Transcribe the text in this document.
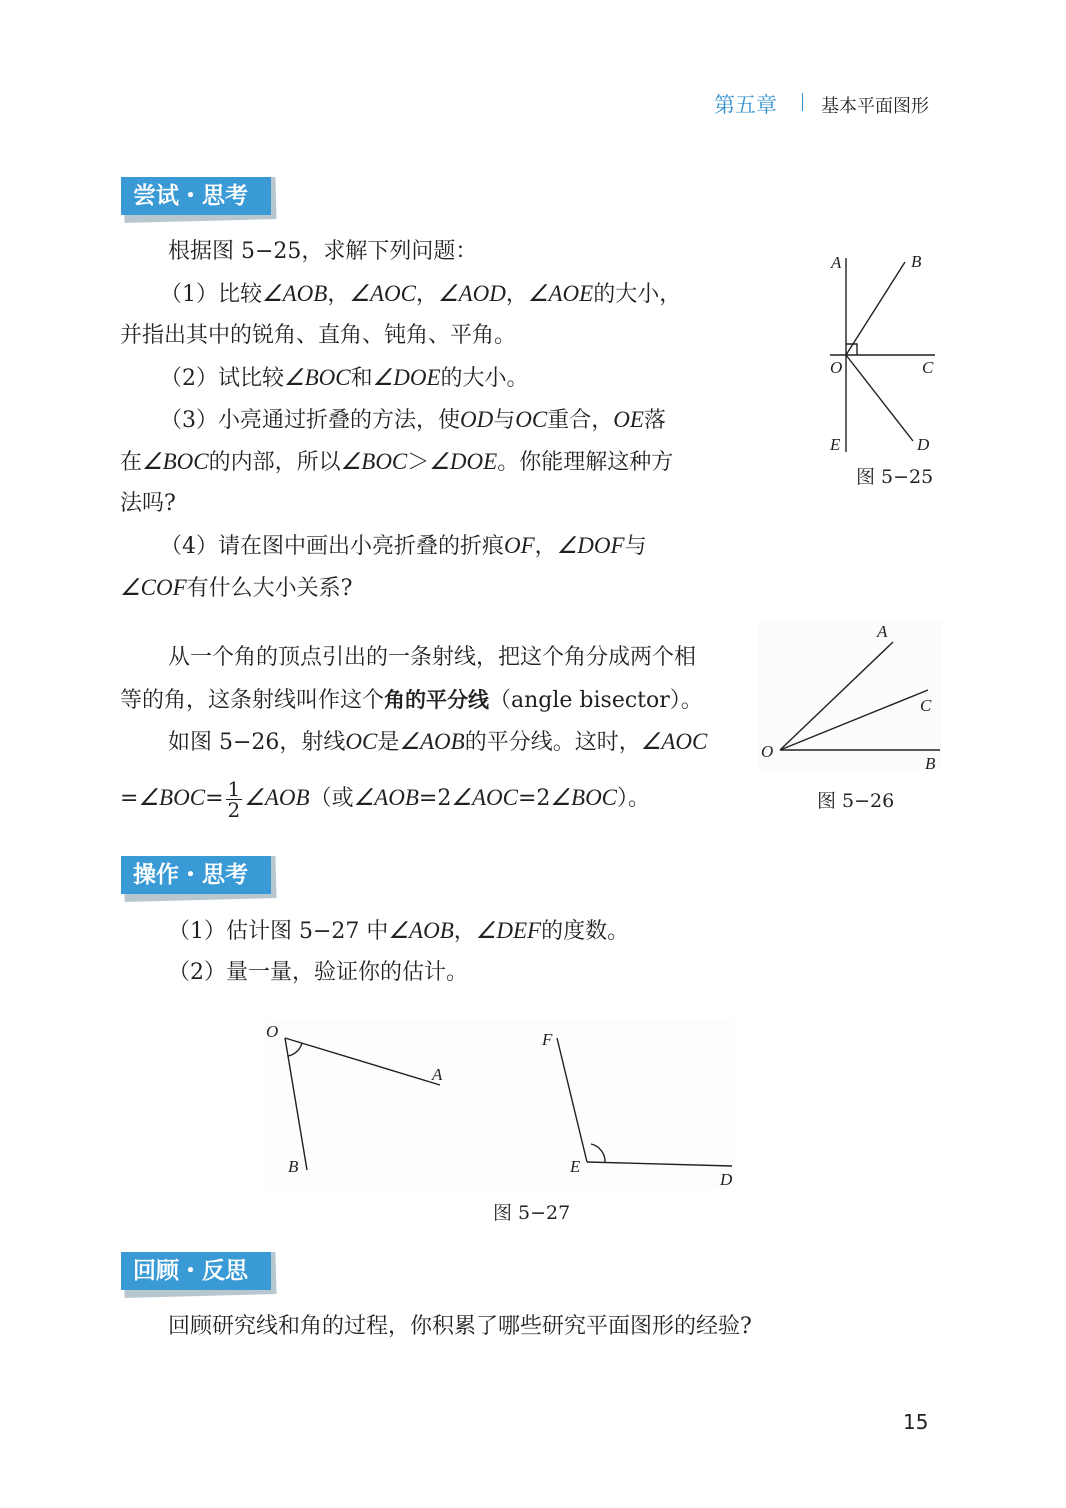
第五章 基本平面图形
尝试・思考
根据图 5−25，求解下列问题：
（1）比较∠AOB，∠AOC，∠AOD，∠AOE的大小，
并指出其中的锐角、直角、钝角、平角。
（2）试比较∠BOC和∠DOE的大小。
（3）小亮通过折叠的方法，使OD与OC重合，OE落
在∠BOC的内部，所以∠BOC＞∠DOE。你能理解这种方
法吗?
（4）请在图中画出小亮折叠的折痕OF，∠DOF与
∠COF有什么大小关系?
从一个角的顶点引出的一条射线，把这个角分成两个相
等的角，这条射线叫作这个角的平分线（angle bisector）。
如图 5−26，射线OC是∠AOB的平分线。这时，∠AOC
=∠BOC= $\frac{1}{2}$ ∠AOB（或∠AOB=2∠AOC=2∠BOC）。
操作・思考
（1）估计图 5−27 中∠AOB，∠DEF的度数。
（2）量一量，验证你的估计。
回顾・反思
回顾研究线和角的过程，你积累了哪些研究平面图形的经验?
A	B
O	C
E	D
A
C
O
B
O
A
B
F
E
D
图 5−25
图 5−26
图 5−27
15
